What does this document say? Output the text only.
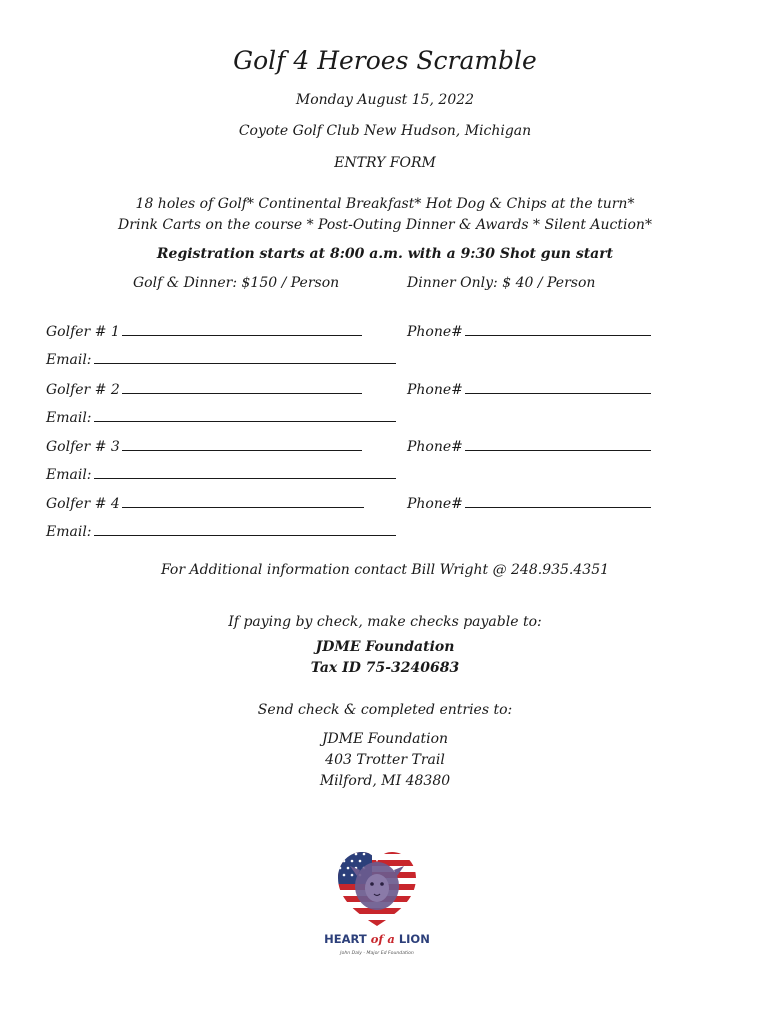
Golf 4 Heroes Scramble
Monday August 15, 2022
Coyote Golf Club New Hudson, Michigan
ENTRY FORM
18 holes of Golf* Continental Breakfast* Hot Dog & Chips at the turn*
Drink Carts on the course * Post-Outing Dinner & Awards * Silent Auction*
Registration starts at 8:00 a.m. with a 9:30 Shot gun start
Golf & Dinner: $150 / Person	Dinner Only: $ 40 / Person
Golfer # 1	Phone#
Email:
Golfer # 2	Phone#
Email:
Golfer # 3	Phone#
Email:
Golfer # 4	Phone#
Email:
For Additional information contact Bill Wright @ 248.935.4351
If paying by check, make checks payable to:
JDME Foundation
Tax ID 75-3240683
Send check & completed entries to:
JDME Foundation
403 Trotter Trail
Milford, MI 48380
HEART of a LION
John Daly - Major Ed Foundation
